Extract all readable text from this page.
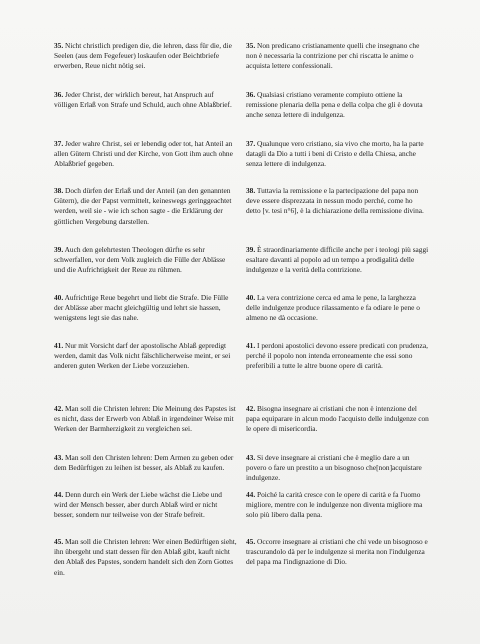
35. Nicht christlich predigen die, die lehren, dass für die, die Seelen (aus dem Fegefeuer) loskaufen oder Beichtbriefe erwerben, Reue nicht nötig sei.

36. Jeder Christ, der wirklich bereut, hat Anspruch auf völligen Erlaß von Strafe und Schuld, auch ohne Ablaßbrief.

37. Jeder wahre Christ, sei er lebendig oder tot, hat Anteil an allen Gütern Christi und der Kirche, von Gott ihm auch ohne Ablaßbrief gegeben.

38. Doch dürfen der Erlaß und der Anteil (an den genannten Gütern), die der Papst vermittelt, keineswegs geringgeachtet werden, weil sie - wie ich schon sagte - die Erklärung der göttlichen Vergebung darstellen.

39. Auch den gelehrtesten Theologen dürfte es sehr schwerfallen, vor dem Volk zugleich die Fülle der Ablässe und die Aufrichtigkeit der Reue zu rühmen.

40. Aufrichtige Reue begehrt und liebt die Strafe. Die Fülle der Ablässe aber macht gleichgültig und lehrt sie hassen, wenigstens legt sie das nahe.

41. Nur mit Vorsicht darf der apostolische Ablaß gepredigt werden, damit das Volk nicht fälschlicherweise meint, er sei anderen guten Werken der Liebe vorzuziehen.

42. Man soll die Christen lehren: Die Meinung des Papstes ist es nicht, dass der Erwerb von Ablaß in irgendeiner Weise mit Werken der Barmherzigkeit zu vergleichen sei.

43. Man soll den Christen lehren: Dem Armen zu geben oder dem Bedürftigen zu leihen ist besser, als Ablaß zu kaufen.

44. Denn durch ein Werk der Liebe wächst die Liebe und wird der Mensch besser, aber durch Ablaß wird er nicht besser, sondern nur teilweise von der Strafe befreit.

45. Man soll die Christen lehren: Wer einen Bedürftigen sieht, ihn übergeht und statt dessen für den Ablaß gibt, kauft nicht den Ablaß des Papstes, sondern handelt sich den Zorn Gottes ein.

35. Non predicano cristianamente quelli che insegnano che non è necessaria la contrizione per chi riscatta le anime o acquista lettere confessionali.

36. Qualsiasi cristiano veramente compiuto ottiene la remissione plenaria della pena e della colpa che gli è dovuta anche senza lettere di indulgenza.

37. Qualunque vero cristiano, sia vivo che morto, ha la parte datagli da Dio a tutti i beni di Cristo e della Chiesa, anche senza lettere di indulgenza.

38. Tuttavia la remissione e la partecipazione del papa non deve essere disprezzata in nessun modo perché, come ho detto [v. tesi n°6], è la dichiarazione della remissione divina.

39. È straordinariamente difficile anche per i teologi più saggi esaltare davanti al popolo ad un tempo a prodigalità delle indulgenze e la verità della contrizione.

40. La vera contrizione cerca ed ama le pene, la larghezza delle indulgenze produce rilassamento e fa odiare le pene o almeno ne dà occasione.

41. I perdoni apostolici devono essere predicati con prudenza, perché il popolo non intenda erroneamente che essi sono preferibili a tutte le altre buone opere di carità.

42. Bisogna insegnare ai cristiani che non è intenzione del papa equiparare in alcun modo l'acquisto delle indulgenze con le opere di misericordia.

43. Si deve insegnare ai cristiani che è meglio dare a un povero o fare un prestito a un bisognoso che[non]acquistare indulgenze.

44. Poiché la carità cresce con le opere di carità e fa l'uomo migliore, mentre con le indulgenze non diventa migliore ma solo più libero dalla pena.

45. Occorre insegnare ai cristiani che chi vede un bisognoso e trascurandolo dà per le indulgenze si merita non l'indulgenza del papa ma l'indignazione di Dio.
